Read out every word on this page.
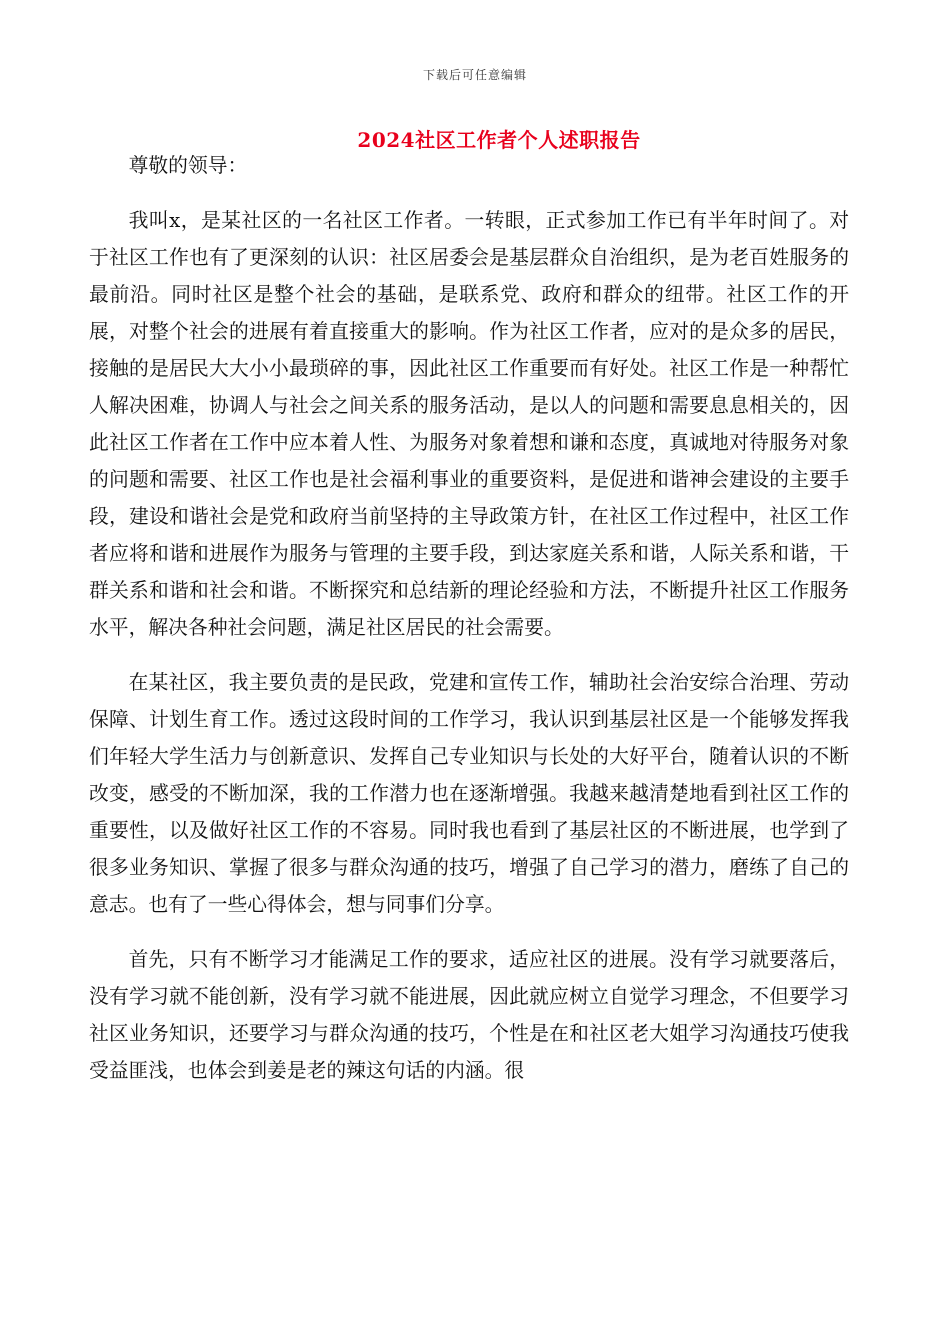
下载后可任意编辑
2024社区工作者个人述职报告

尊敬的领导：

我叫x，是某社区的一名社区工作者。一转眼，正式参加工作已有半年时间了。对于社区工作也有了更深刻的认识：社区居委会是基层群众自治组织，是为老百姓服务的最前沿。同时社区是整个社会的基础，是联系党、政府和群众的纽带。社区工作的开展，对整个社会的进展有着直接重大的影响。作为社区工作者，应对的是众多的居民，接触的是居民大大小小最琐碎的事，因此社区工作重要而有好处。社区工作是一种帮忙人解决困难，协调人与社会之间关系的服务活动，是以人的问题和需要息息相关的，因此社区工作者在工作中应本着人性、为服务对象着想和谦和态度，真诚地对待服务对象的问题和需要、社区工作也是社会福利事业的重要资料，是促进和谐神会建设的主要手段，建设和谐社会是党和政府当前坚持的主导政策方针，在社区工作过程中，社区工作者应将和谐和进展作为服务与管理的主要手段，到达家庭关系和谐，人际关系和谐，干群关系和谐和社会和谐。不断探究和总结新的理论经验和方法，不断提升社区工作服务水平，解决各种社会问题，满足社区居民的社会需要。

在某社区，我主要负责的是民政，党建和宣传工作，辅助社会治安综合治理、劳动保障、计划生育工作。透过这段时间的工作学习，我认识到基层社区是一个能够发挥我们年轻大学生活力与创新意识、发挥自己专业知识与长处的大好平台，随着认识的不断改变，感受的不断加深，我的工作潜力也在逐渐增强。我越来越清楚地看到社区工作的重要性，以及做好社区工作的不容易。同时我也看到了基层社区的不断进展，也学到了很多业务知识、掌握了很多与群众沟通的技巧，增强了自己学习的潜力，磨练了自己的意志。也有了一些心得体会，想与同事们分享。

首先，只有不断学习才能满足工作的要求，适应社区的进展。没有学习就要落后，没有学习就不能创新，没有学习就不能进展，因此就应树立自觉学习理念，不但要学习社区业务知识，还要学习与群众沟通的技巧，个性是在和社区老大姐学习沟通技巧使我受益匪浅，也体会到姜是老的辣这句话的内涵。很
